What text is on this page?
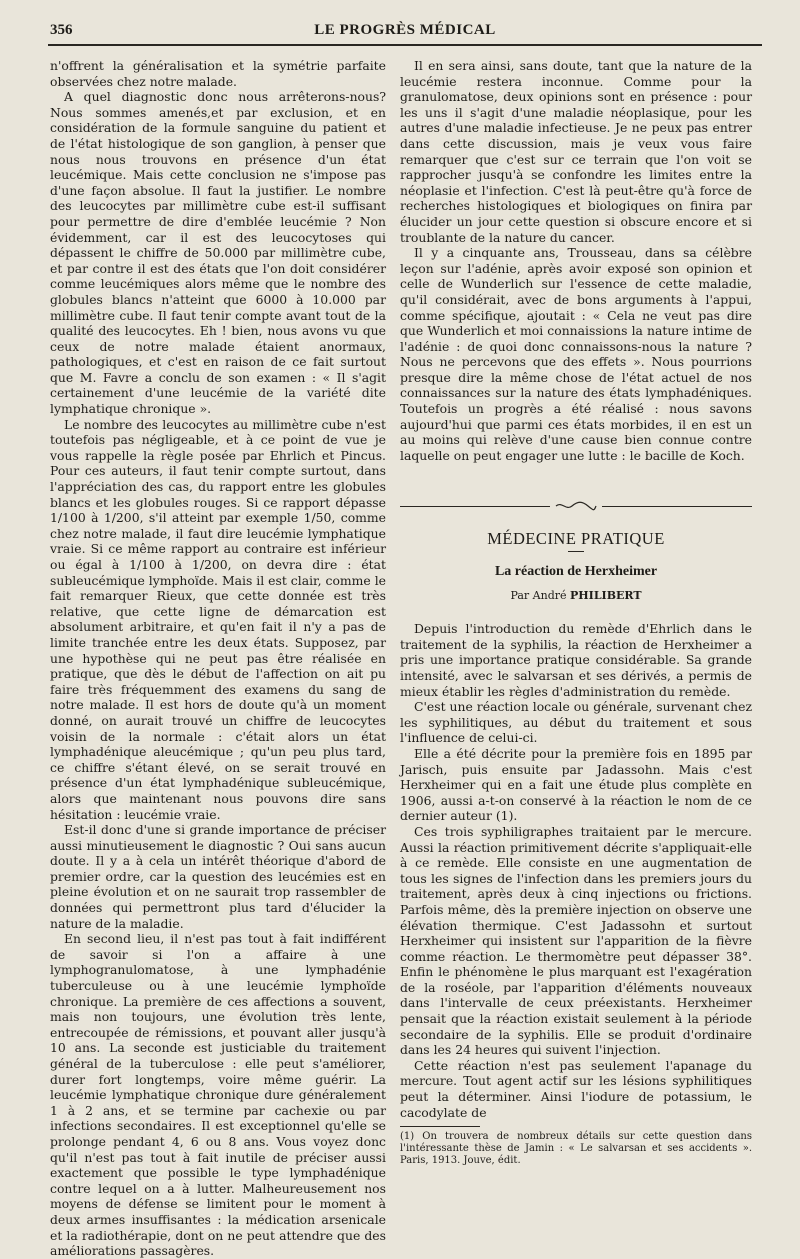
356	LE PROGRÈS MÉDICAL

n'offrent la généralisation et la symétrie parfaite observées chez notre malade.

A quel diagnostic donc nous arrêterons-nous? Nous sommes amenés,et par exclusion, et en considération de la formule sanguine du patient et de l'état histologique de son ganglion, à penser que nous nous trouvons en présence d'un état leucémique. Mais cette conclusion ne s'impose pas d'une façon absolue. Il faut la justifier. Le nombre des leucocytes par millimètre cube est-il suffisant pour permettre de dire d'emblée leucémie ? Non évidemment, car il est des leucocytoses qui dépassent le chiffre de 50.000 par millimètre cube, et par contre il est des états que l'on doit considérer comme leucémiques alors même que le nombre des globules blancs n'atteint que 6000 à 10.000 par millimètre cube. Il faut tenir compte avant tout de la qualité des leucocytes. Eh ! bien, nous avons vu que ceux de notre malade étaient anormaux, pathologiques, et c'est en raison de ce fait surtout que M. Favre a conclu de son examen : « Il s'agit certainement d'une leucémie de la variété dite lymphatique chronique ».

Le nombre des leucocytes au millimètre cube n'est toutefois pas négligeable, et à ce point de vue je vous rappelle la règle posée par Ehrlich et Pincus. Pour ces auteurs, il faut tenir compte surtout, dans l'appréciation des cas, du rapport entre les globules blancs et les globules rouges. Si ce rapport dépasse 1/100 à 1/200, s'il atteint par exemple 1/50, comme chez notre malade, il faut dire leucémie lymphatique vraie. Si ce même rapport au contraire est inférieur ou égal à 1/100 à 1/200, on devra dire : état subleucémique lymphoïde. Mais il est clair, comme le fait remarquer Rieux, que cette donnée est très relative, que cette ligne de démarcation est absolument arbitraire, et qu'en fait il n'y a pas de limite tranchée entre les deux états. Supposez, par une hypothèse qui ne peut pas être réalisée en pratique, que dès le début de l'affection on ait pu faire très fréquemment des examens du sang de notre malade. Il est hors de doute qu'à un moment donné, on aurait trouvé un chiffre de leucocytes voisin de la normale : c'était alors un état lymphadénique aleucémique ; qu'un peu plus tard, ce chiffre s'étant élevé, on se serait trouvé en présence d'un état lymphadénique subleucémique, alors que maintenant nous pouvons dire sans hésitation : leucémie vraie.

Est-il donc d'une si grande importance de préciser aussi minutieusement le diagnostic ? Oui sans aucun doute. Il y a à cela un intérêt théorique d'abord de premier ordre, car la question des leucémies est en pleine évolution et on ne saurait trop rassembler de données qui permettront plus tard d'élucider la nature de la maladie.

En second lieu, il n'est pas tout à fait indifférent de savoir si l'on a affaire à une lymphogranulomatose, à une lymphadénie tuberculeuse ou à une leucémie lymphoïde chronique. La première de ces affections a souvent, mais non toujours, une évolution très lente, entrecoupée de rémissions, et pouvant aller jusqu'à 10 ans. La seconde est justiciable du traitement général de la tuberculose : elle peut s'améliorer, durer fort longtemps, voire même guérir. La leucémie lymphatique chronique dure généralement 1 à 2 ans, et se termine par cachexie ou par infections secondaires. Il est exceptionnel qu'elle se prolonge pendant 4, 6 ou 8 ans. Vous voyez donc qu'il n'est pas tout à fait inutile de préciser aussi exactement que possible le type lymphadénique contre lequel on a à lutter. Malheureusement nos moyens de défense se limitent pour le moment à deux armes insuffisantes : la médication arsenicale et la radiothérapie, dont on ne peut attendre que des améliorations passagères.

Il en sera ainsi, sans doute, tant que la nature de la leucémie restera inconnue. Comme pour la granulomatose, deux opinions sont en présence : pour les uns il s'agit d'une maladie néoplasique, pour les autres d'une maladie infectieuse. Je ne peux pas entrer dans cette discussion, mais je veux vous faire remarquer que c'est sur ce terrain que l'on voit se rapprocher jusqu'à se confondre les limites entre la néoplasie et l'infection. C'est là peut-être qu'à force de recherches histologiques et biologiques on finira par élucider un jour cette question si obscure encore et si troublante de la nature du cancer.

Il y a cinquante ans, Trousseau, dans sa célèbre leçon sur l'adénie, après avoir exposé son opinion et celle de Wunderlich sur l'essence de cette maladie, qu'il considérait, avec de bons arguments à l'appui, comme spécifique, ajoutait : « Cela ne veut pas dire que Wunderlich et moi connaissions la nature intime de l'adénie : de quoi donc connaissons-nous la nature ? Nous ne percevons que des effets ». Nous pourrions presque dire la même chose de l'état actuel de nos connaissances sur la nature des états lymphadéniques. Toutefois un progrès a été réalisé : nous savons aujourd'hui que parmi ces états morbides, il en est un au moins qui relève d'une cause bien connue contre laquelle on peut engager une lutte : le bacille de Koch.

MÉDECINE PRATIQUE
La réaction de Herxheimer
Par André PHILIBERT

Depuis l'introduction du remède d'Ehrlich dans le traitement de la syphilis, la réaction de Herxheimer a pris une importance pratique considérable. Sa grande intensité, avec le salvarsan et ses dérivés, a permis de mieux établir les règles d'administration du remède.

C'est une réaction locale ou générale, survenant chez les syphilitiques, au début du traitement et sous l'influence de celui-ci.

Elle a été décrite pour la première fois en 1895 par Jarisch, puis ensuite par Jadassohn. Mais c'est Herxheimer qui en a fait une étude plus complète en 1906, aussi a-t-on conservé à la réaction le nom de ce dernier auteur (1).

Ces trois syphiligraphes traitaient par le mercure. Aussi la réaction primitivement décrite s'appliquait-elle à ce remède. Elle consiste en une augmentation de tous les signes de l'infection dans les premiers jours du traitement, après deux à cinq injections ou frictions. Parfois même, dès la première injection on observe une élévation thermique. C'est Jadassohn et surtout Herxheimer qui insistent sur l'apparition de la fièvre comme réaction. Le thermomètre peut dépasser 38°. Enfin le phénomène le plus marquant est l'exagération de la roséole, par l'apparition d'éléments nouveaux dans l'intervalle de ceux préexistants. Herxheimer pensait que la réaction existait seulement à la période secondaire de la syphilis. Elle se produit d'ordinaire dans les 24 heures qui suivent l'injection.

Cette réaction n'est pas seulement l'apanage du mercure. Tout agent actif sur les lésions syphilitiques peut la déterminer. Ainsi l'iodure de potassium, le cacodylate de

(1) On trouvera de nombreux détails sur cette question dans l'intéressante thèse de Jamin : « Le salvarsan et ses accidents ». Paris, 1913. Jouve, édit.
